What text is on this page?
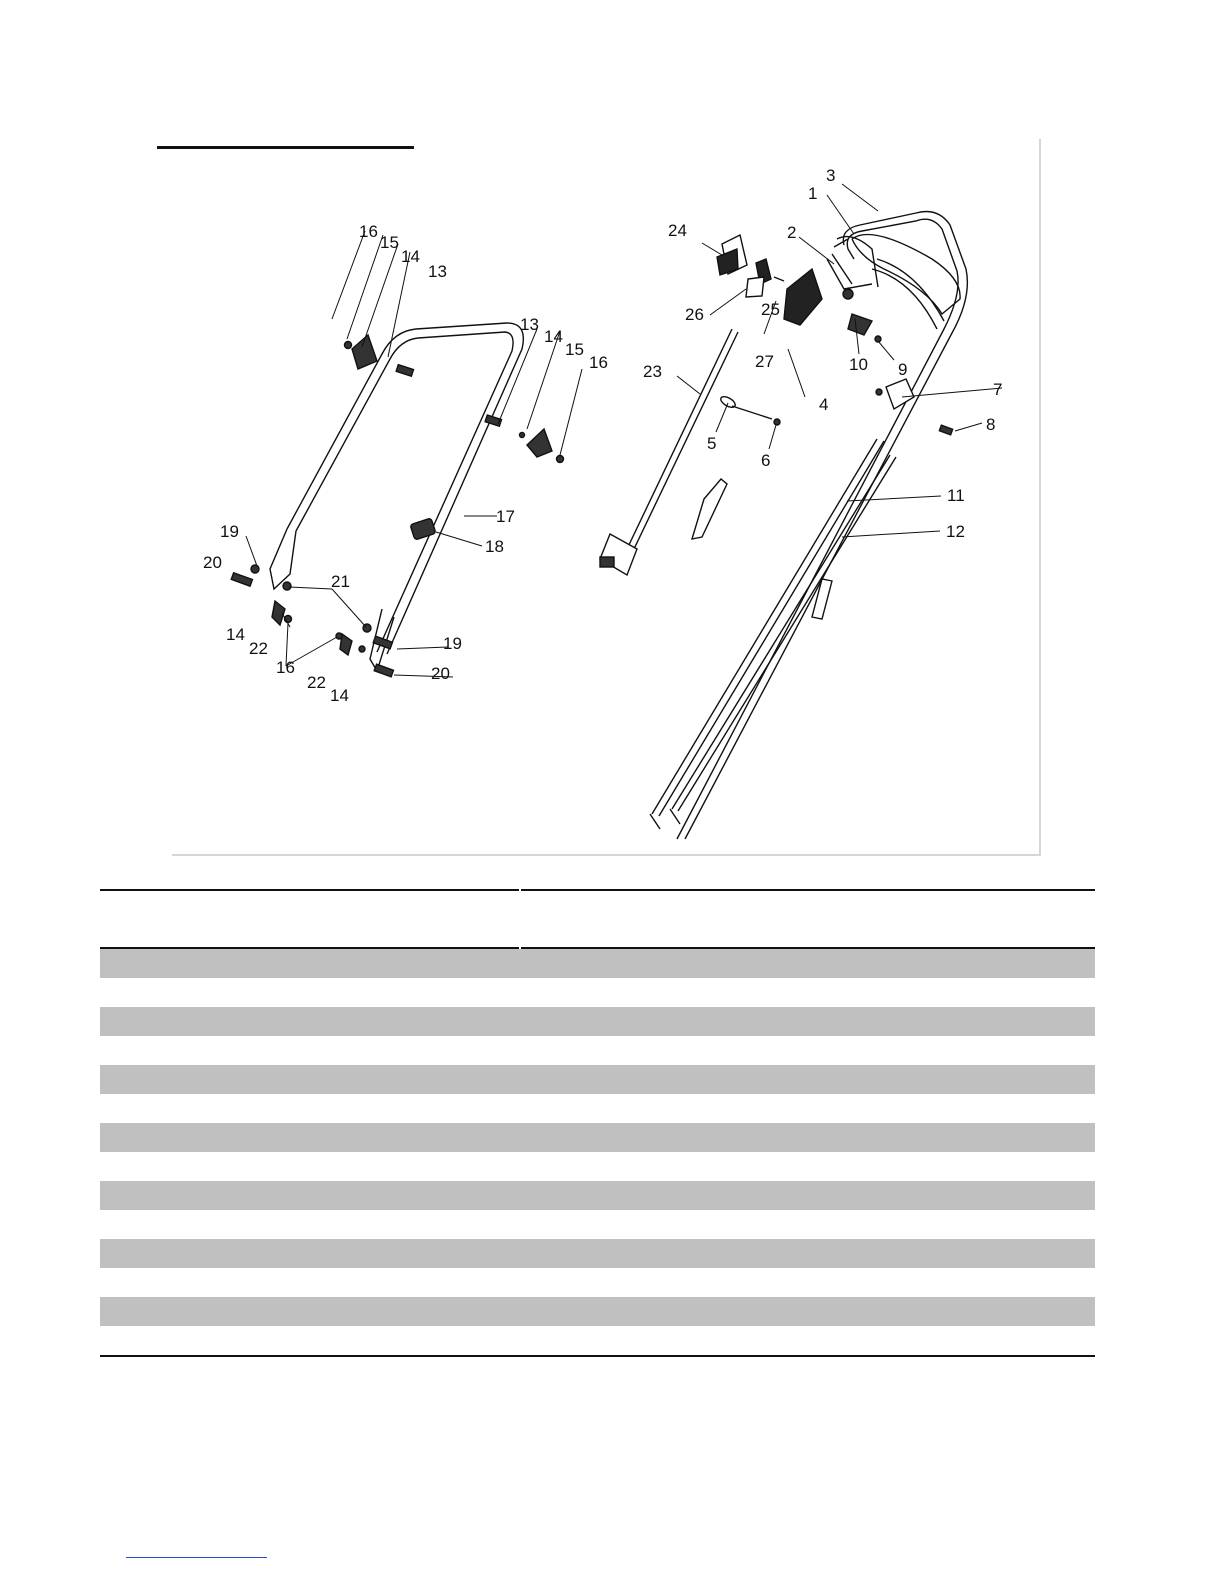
1
2
3
4
5
6
7
8
9
10
11
12
13
13
14
14
14
14
15
15
16
16
16
17
18
19
19
20
20
21
22
22
23
24
25
26
27
